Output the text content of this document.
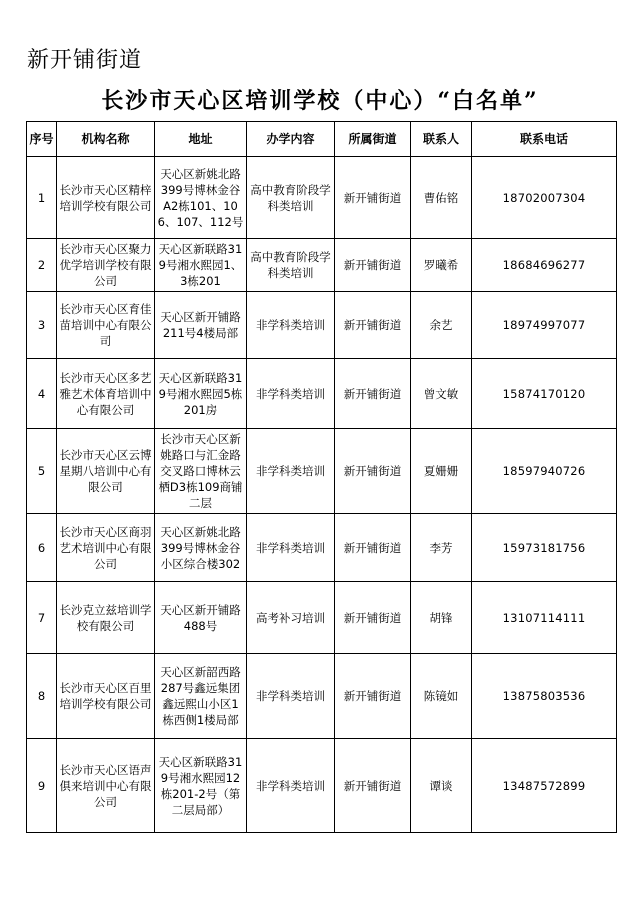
新开铺街道
长沙市天心区培训学校（中心）“白名单”
序号	机构名称	地址	办学内容	所属街道	联系人	联系电话
1	长沙市天心区精梓培训学校有限公司	天心区新姚北路399号博林金谷A2栋101、106、107、112号	高中教育阶段学科类培训	新开铺街道	曹佑铭	18702007304
2	长沙市天心区聚力优学培训学校有限公司	天心区新联路319号湘水熙园1、3栋201	高中教育阶段学科类培训	新开铺街道	罗曦希	18684696277
3	长沙市天心区育佳苗培训中心有限公司	天心区新开铺路211号4楼局部	非学科类培训	新开铺街道	余艺	18974997077
4	长沙市天心区多艺雅艺术体育培训中心有限公司	天心区新联路319号湘水熙园5栋201房	非学科类培训	新开铺街道	曾文敏	15874170120
5	长沙市天心区云博星期八培训中心有限公司	长沙市天心区新姚路口与汇金路交叉路口博林云栖D3栋109商铺二层	非学科类培训	新开铺街道	夏姗姗	18597940726
6	长沙市天心区商羽艺术培训中心有限公司	天心区新姚北路399号博林金谷小区综合楼302	非学科类培训	新开铺街道	李芳	15973181756
7	长沙克立兹培训学校有限公司	天心区新开铺路488号	高考补习培训	新开铺街道	胡锋	13107114111
8	长沙市天心区百里培训学校有限公司	天心区新韶西路287号鑫远集团鑫远熙山小区1栋西侧1楼局部	非学科类培训	新开铺街道	陈镜如	13875803536
9	长沙市天心区语声俱来培训中心有限公司	天心区新联路319号湘水熙园12栋201-2号（第二层局部）	非学科类培训	新开铺街道	谭谈	13487572899
